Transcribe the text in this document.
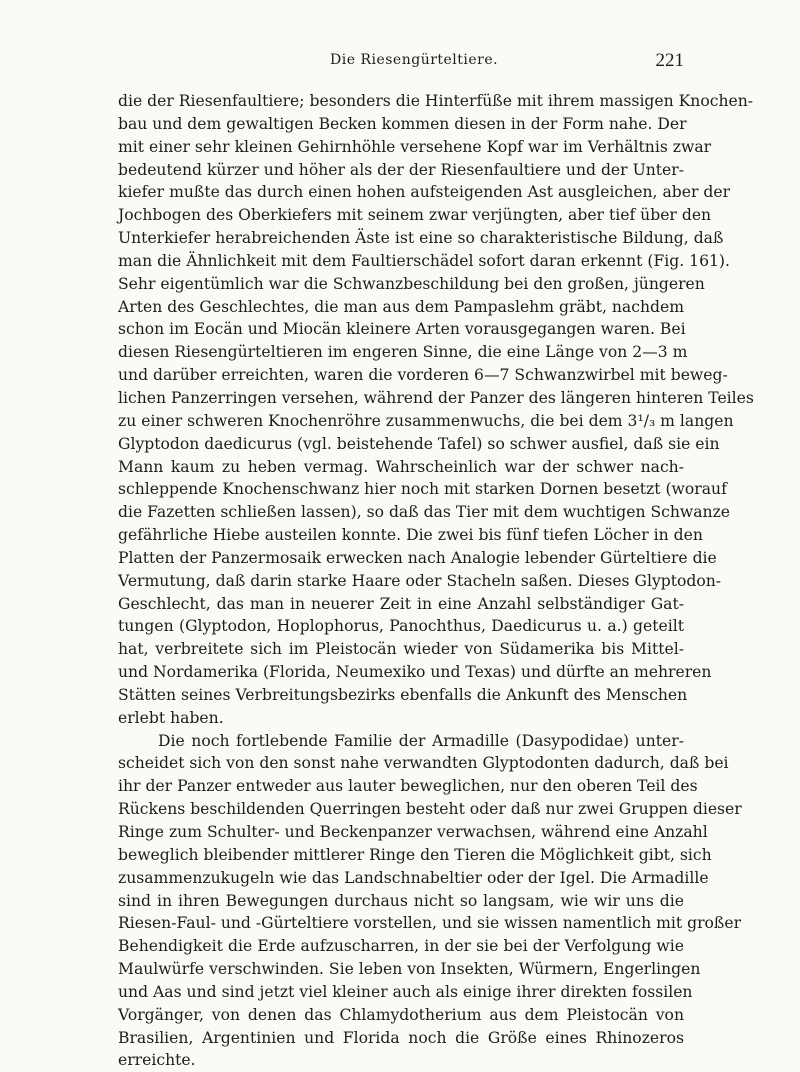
Die Riesengürteltiere.	221
die der Riesenfaultiere; besonders die Hinterfüße mit ihrem massigen Knochen-
bau und dem gewaltigen Becken kommen diesen in der Form nahe. Der
mit einer sehr kleinen Gehirnhöhle versehene Kopf war im Verhältnis zwar
bedeutend kürzer und höher als der der Riesenfaultiere und der Unter-
kiefer mußte das durch einen hohen aufsteigenden Ast ausgleichen, aber der
Jochbogen des Oberkiefers mit seinem zwar verjüngten, aber tief über den
Unterkiefer herabreichenden Äste ist eine so charakteristische Bildung, daß
man die Ähnlichkeit mit dem Faultierschädel sofort daran erkennt (Fig. 161).
Sehr eigentümlich war die Schwanzbeschildung bei den großen, jüngeren
Arten des Geschlechtes, die man aus dem Pampaslehm gräbt, nachdem
schon im Eocän und Miocän kleinere Arten vorausgegangen waren. Bei
diesen Riesengürteltieren im engeren Sinne, die eine Länge von 2—3 m
und darüber erreichten, waren die vorderen 6—7 Schwanzwirbel mit beweg-
lichen Panzerringen versehen, während der Panzer des längeren hinteren Teiles
zu einer schweren Knochenröhre zusammenwuchs, die bei dem 3¹/₃ m langen
Glyptodon daedicurus (vgl. beistehende Tafel) so schwer ausfiel, daß sie ein
Mann kaum zu heben vermag. Wahrscheinlich war der schwer nach-
schleppende Knochenschwanz hier noch mit starken Dornen besetzt (worauf
die Fazetten schließen lassen), so daß das Tier mit dem wuchtigen Schwanze
gefährliche Hiebe austeilen konnte. Die zwei bis fünf tiefen Löcher in den
Platten der Panzermosaik erwecken nach Analogie lebender Gürteltiere die
Vermutung, daß darin starke Haare oder Stacheln saßen. Dieses Glyptodon-
Geschlecht, das man in neuerer Zeit in eine Anzahl selbständiger Gat-
tungen (Glyptodon, Hoplophorus, Panochthus, Daedicurus u. a.) geteilt
hat, verbreitete sich im Pleistocän wieder von Südamerika bis Mittel-
und Nordamerika (Florida, Neumexiko und Texas) und dürfte an mehreren
Stätten seines Verbreitungsbezirks ebenfalls die Ankunft des Menschen
erlebt haben.
Die noch fortlebende Familie der Armadille (Dasypodidae) unter-
scheidet sich von den sonst nahe verwandten Glyptodonten dadurch, daß bei
ihr der Panzer entweder aus lauter beweglichen, nur den oberen Teil des
Rückens beschildenden Querringen besteht oder daß nur zwei Gruppen dieser
Ringe zum Schulter- und Beckenpanzer verwachsen, während eine Anzahl
beweglich bleibender mittlerer Ringe den Tieren die Möglichkeit gibt, sich
zusammenzukugeln wie das Landschnabeltier oder der Igel. Die Armadille
sind in ihren Bewegungen durchaus nicht so langsam, wie wir uns die
Riesen-Faul- und -Gürteltiere vorstellen, und sie wissen namentlich mit großer
Behendigkeit die Erde aufzuscharren, in der sie bei der Verfolgung wie
Maulwürfe verschwinden. Sie leben von Insekten, Würmern, Engerlingen
und Aas und sind jetzt viel kleiner auch als einige ihrer direkten fossilen
Vorgänger, von denen das Chlamydotherium aus dem Pleistocän von
Brasilien, Argentinien und Florida noch die Größe eines Rhinozeros
erreichte.
